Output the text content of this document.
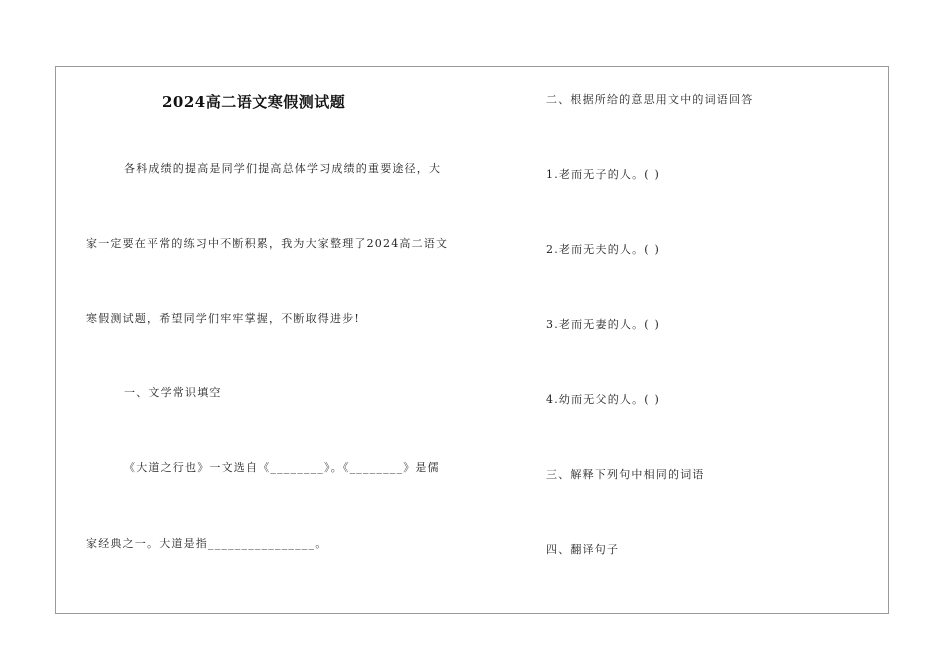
2024高二语文寒假测试题
各科成绩的提高是同学们提高总体学习成绩的重要途径，大
家一定要在平常的练习中不断积累，我为大家整理了2024高二语文
寒假测试题，希望同学们牢牢掌握，不断取得进步!
一、文学常识填空
《大道之行也》一文选自《________》。《________》是儒
家经典之一。大道是指________________。
二、根据所给的意思用文中的词语回答
1.老而无子的人。( )
2.老而无夫的人。( )
3.老而无妻的人。( )
4.幼而无父的人。( )
三、解释下列句中相同的词语
四、翻译句子
